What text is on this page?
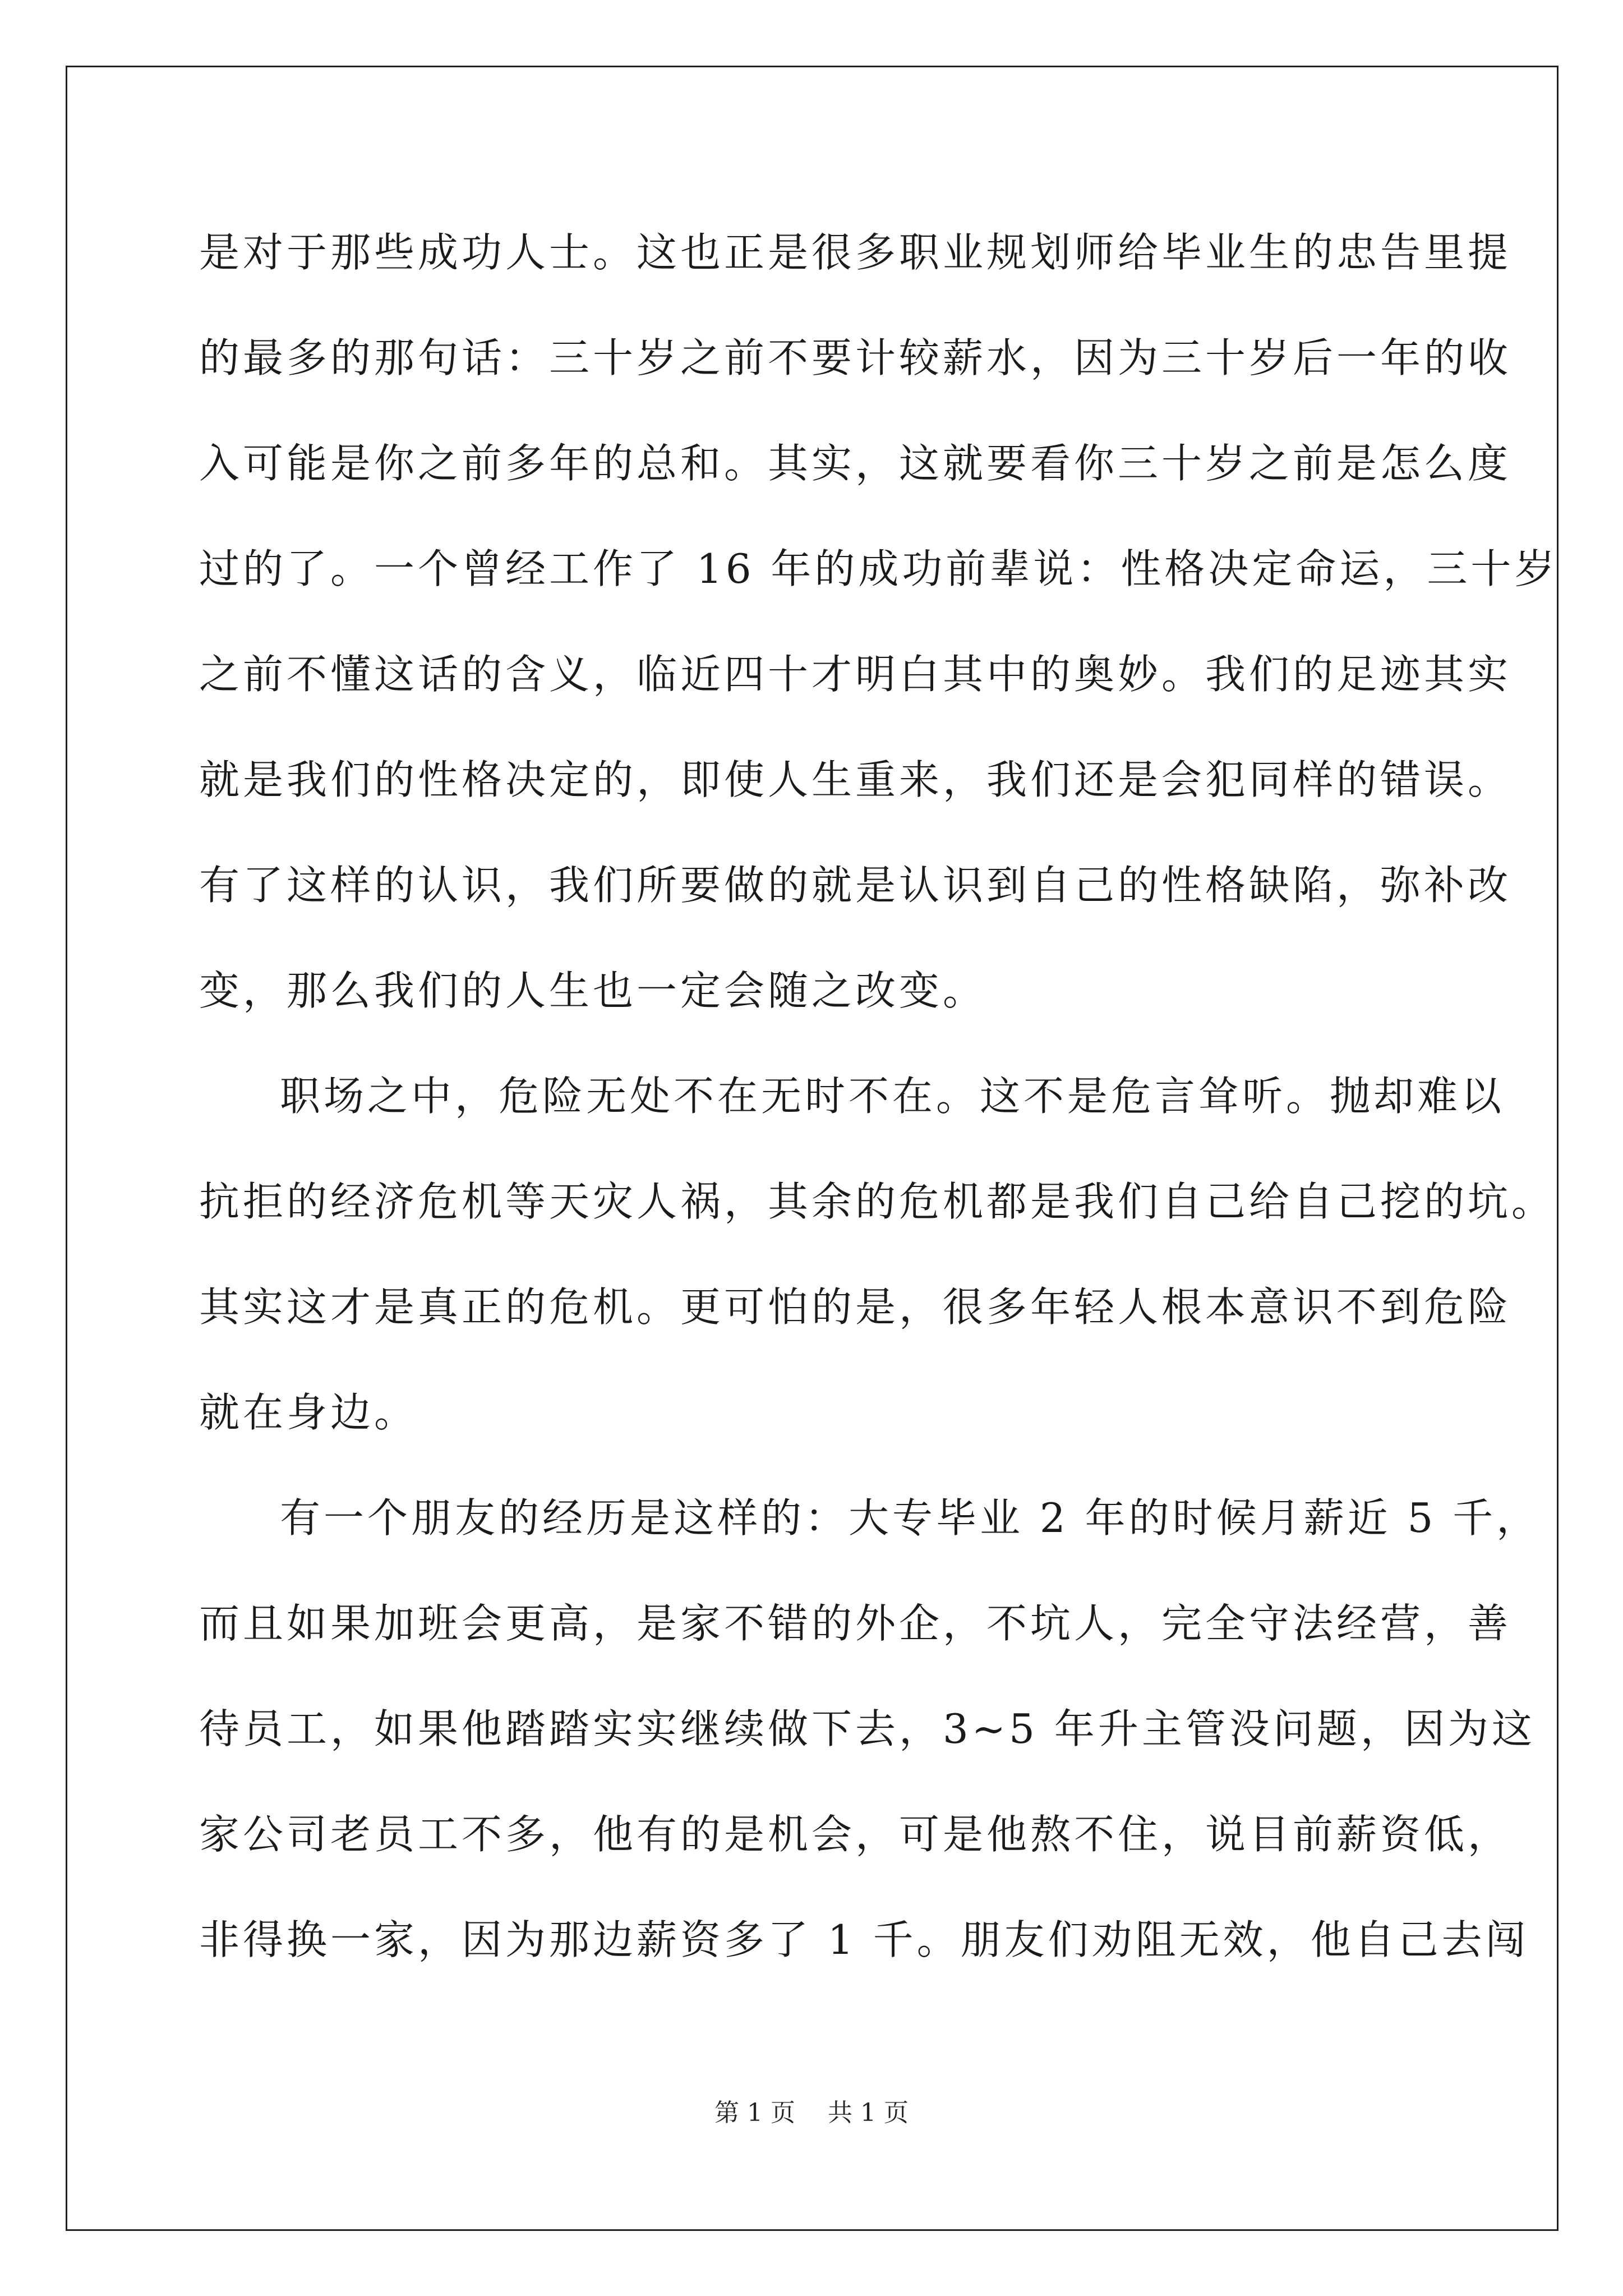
是对于那些成功人士。这也正是很多职业规划师给毕业生的忠告里提
的最多的那句话：三十岁之前不要计较薪水，因为三十岁后一年的收
入可能是你之前多年的总和。其实，这就要看你三十岁之前是怎么度
过的了。一个曾经工作了 16 年的成功前辈说：性格决定命运，三十岁
之前不懂这话的含义，临近四十才明白其中的奥妙。我们的足迹其实
就是我们的性格决定的，即使人生重来，我们还是会犯同样的错误。
有了这样的认识，我们所要做的就是认识到自己的性格缺陷，弥补改
变，那么我们的人生也一定会随之改变。
职场之中，危险无处不在无时不在。这不是危言耸听。抛却难以
抗拒的经济危机等天灾人祸，其余的危机都是我们自己给自己挖的坑。
其实这才是真正的危机。更可怕的是，很多年轻人根本意识不到危险
就在身边。
有一个朋友的经历是这样的：大专毕业 2 年的时候月薪近 5 千，
而且如果加班会更高，是家不错的外企，不坑人，完全守法经营，善
待员工，如果他踏踏实实继续做下去，3~5 年升主管没问题，因为这
家公司老员工不多，他有的是机会，可是他熬不住，说目前薪资低，
非得换一家，因为那边薪资多了 1 千。朋友们劝阻无效，他自己去闯
第 1 页 共 1 页
